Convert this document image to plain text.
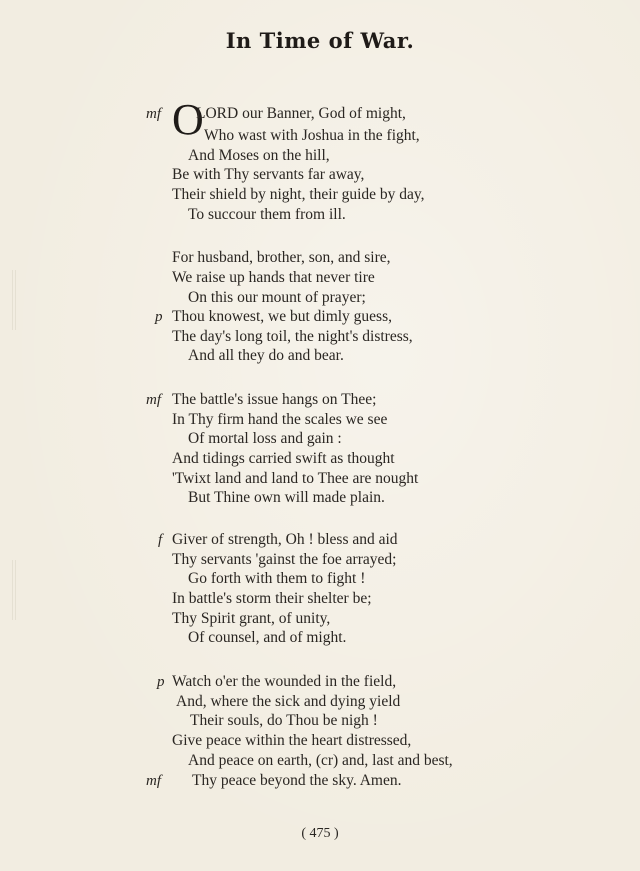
In Time of War.
mf O
LORD our Banner, God of might,
Who wast with Joshua in the fight,
And Moses on the hill,
Be with Thy servants far away,
Their shield by night, their guide by day,
To succour them from ill.
For husband, brother, son, and sire,
We raise up hands that never tire
On this our mount of prayer;
p Thou knowest, we but dimly guess,
The day's long toil, the night's distress,
And all they do and bear.
mf The battle's issue hangs on Thee;
In Thy firm hand the scales we see
Of mortal loss and gain :
And tidings carried swift as thought
'Twixt land and land to Thee are nought
But Thine own will made plain.
f Giver of strength, Oh ! bless and aid
Thy servants 'gainst the foe arrayed;
Go forth with them to fight !
In battle's storm their shelter be;
Thy Spirit grant, of unity,
Of counsel, and of might.
p Watch o'er the wounded in the field,
And, where the sick and dying yield
Their souls, do Thou be nigh !
Give peace within the heart distressed,
And peace on earth, (cr) and, last and best,
mf Thy peace beyond the sky. Amen.
( 475 )
